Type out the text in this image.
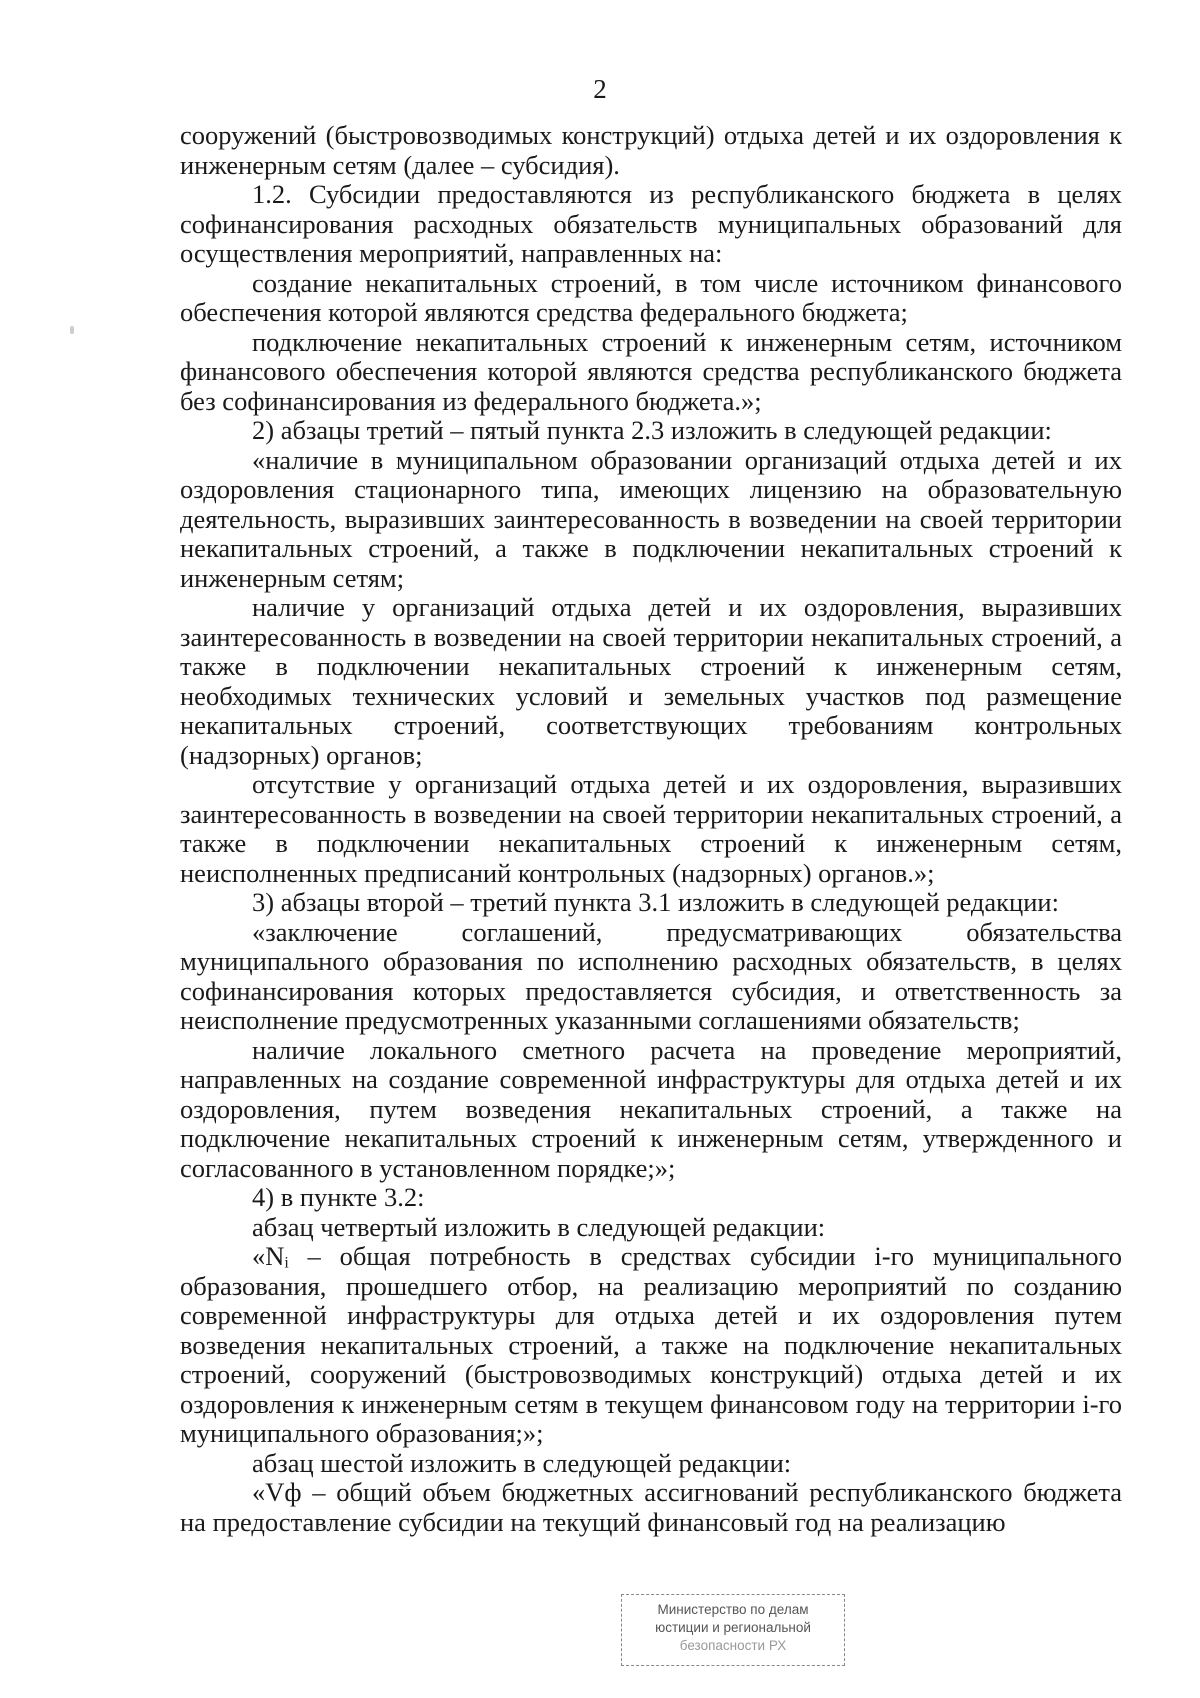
2

сооружений (быстровозводимых конструкций) отдыха детей и их оздоровления к инженерным сетям (далее – субсидия).

1.2. Субсидии предоставляются из республиканского бюджета в целях софинансирования расходных обязательств муниципальных образований для осуществления мероприятий, направленных на:

создание некапитальных строений, в том числе источником финансового обеспечения которой являются средства федерального бюджета;

подключение некапитальных строений к инженерным сетям, источником финансового обеспечения которой являются средства республиканского бюджета без софинансирования из федерального бюджета.»;

2) абзацы третий – пятый пункта 2.3 изложить в следующей редакции:

«наличие в муниципальном образовании организаций отдыха детей и их оздоровления стационарного типа, имеющих лицензию на образовательную деятельность, выразивших заинтересованность в возведении на своей территории некапитальных строений, а также в подключении некапитальных строений к инженерным сетям;

наличие у организаций отдыха детей и их оздоровления, выразивших заинтересованность в возведении на своей территории некапитальных строений, а также в подключении некапитальных строений к инженерным сетям, необходимых технических условий и земельных участков под размещение некапитальных строений, соответствующих требованиям контрольных (надзорных) органов;

отсутствие у организаций отдыха детей и их оздоровления, выразивших заинтересованность в возведении на своей территории некапитальных строений, а также в подключении некапитальных строений к инженерным сетям, неисполненных предписаний контрольных (надзорных) органов.»;

3) абзацы второй – третий пункта 3.1 изложить в следующей редакции:

«заключение соглашений, предусматривающих обязательства муниципального образования по исполнению расходных обязательств, в целях софинансирования которых предоставляется субсидия, и ответственность за неисполнение предусмотренных указанными соглашениями обязательств;

наличие локального сметного расчета на проведение мероприятий, направленных на создание современной инфраструктуры для отдыха детей и их оздоровления, путем возведения некапитальных строений, а также на подключение некапитальных строений к инженерным сетям, утвержденного и согласованного в установленном порядке;»;

4) в пункте 3.2:

абзац четвертый изложить в следующей редакции:

«Nᵢ – общая потребность в средствах субсидии i-го муниципального образования, прошедшего отбор, на реализацию мероприятий по созданию современной инфраструктуры для отдыха детей и их оздоровления путем возведения некапитальных строений, а также на подключение некапитальных строений, сооружений (быстровозводимых конструкций) отдыха детей и их оздоровления к инженерным сетям в текущем финансовом году на территории i-го муниципального образования;»;

абзац шестой изложить в следующей редакции:

«Vф – общий объем бюджетных ассигнований республиканского бюджета на предоставление субсидии на текущий финансовый год на реализацию

Министерство по делам
юстиции и региональной
безопасности РХ
